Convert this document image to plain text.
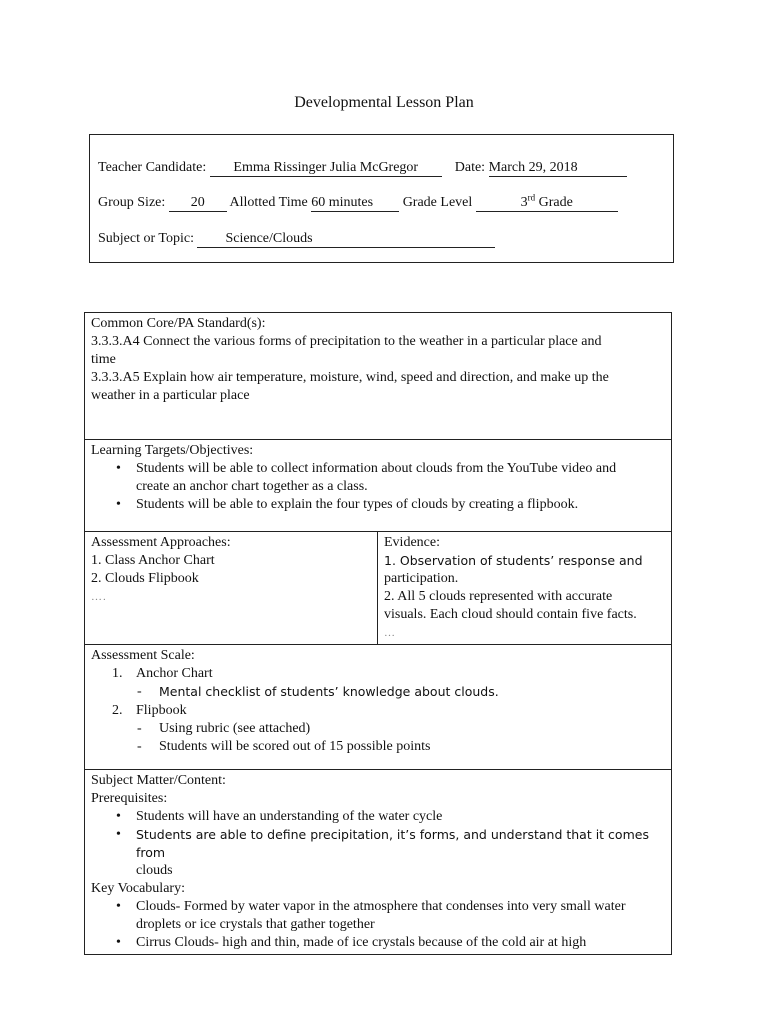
Developmental Lesson Plan
Teacher Candidate: Emma Rissinger Julia McGregor	Date: March 29, 2018
Group Size: 20 Allotted Time 60 minutes Grade Level	3rd Grade
Subject or Topic: Science/Clouds
Common Core/PA Standard(s):
3.3.3.A4 Connect the various forms of precipitation to the weather in a particular place and
time
3.3.3.A5 Explain how air temperature, moisture, wind, speed and direction, and make up the
weather in a particular place

Learning Targets/Objectives:
• Students will be able to collect information about clouds from the YouTube video and
create an anchor chart together as a class.
• Students will be able to explain the four types of clouds by creating a flipbook.

Assessment Approaches:
1. Class Anchor Chart
2. Clouds Flipbook
….

Evidence:
1. Observation of students’ response and
participation.
2. All 5 clouds represented with accurate
visuals. Each cloud should contain five facts.
…

Assessment Scale:
1. Anchor Chart
- Mental checklist of students’ knowledge about clouds.
2. Flipbook
- Using rubric (see attached)
- Students will be scored out of 15 possible points

Subject Matter/Content:
Prerequisites:
• Students will have an understanding of the water cycle
• Students are able to define precipitation, it’s forms, and understand that it comes from
clouds
Key Vocabulary:
• Clouds- Formed by water vapor in the atmosphere that condenses into very small water
droplets or ice crystals that gather together
• Cirrus Clouds- high and thin, made of ice crystals because of the cold air at high
